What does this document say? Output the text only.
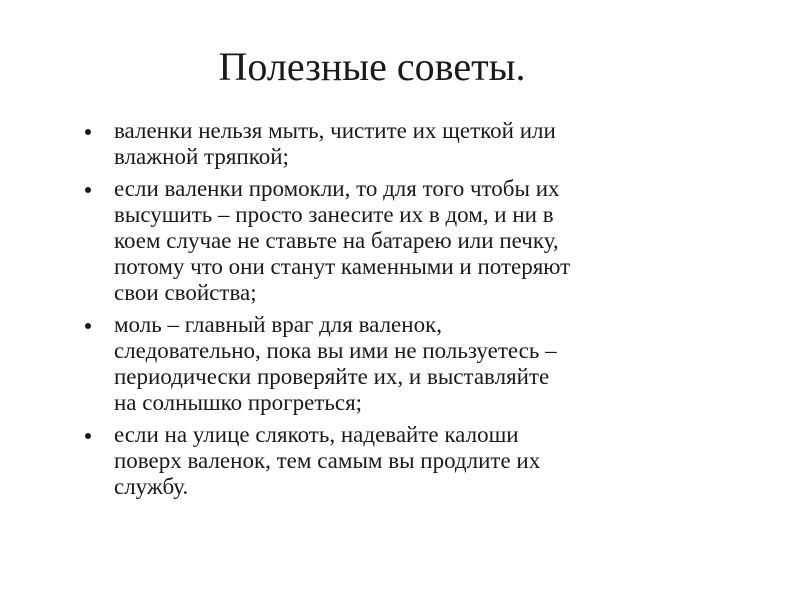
Полезные советы.
валенки нельзя мыть, чистите их щеткой или
влажной тряпкой;
если валенки промокли, то для того чтобы их
высушить – просто занесите их в дом, и ни в
коем случае не ставьте на батарею или печку,
потому что они станут каменными и потеряют
свои свойства;
моль – главный враг для валенок,
следовательно, пока вы ими не пользуетесь –
периодически проверяйте их, и выставляйте
на солнышко прогреться;
если на улице слякоть, надевайте калоши
поверх валенок, тем самым вы продлите их
службу.
